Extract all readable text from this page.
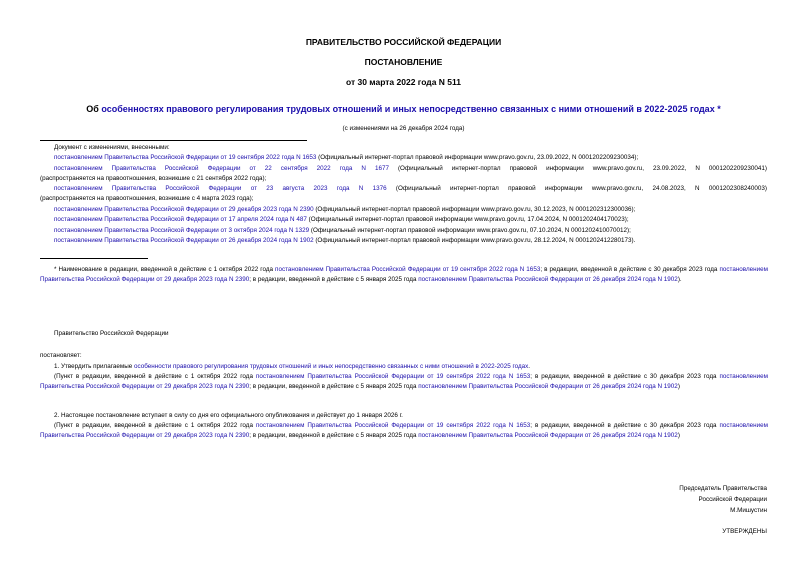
ПРАВИТЕЛЬСТВО РОССИЙСКОЙ ФЕДЕРАЦИИ
ПОСТАНОВЛЕНИЕ
от 30 марта 2022 года N 511
Об особенностях правового регулирования трудовых отношений и иных непосредственно связанных с ними отношений в 2022-2025 годах *
(с изменениями на 26 декабря 2024 года)
Документ с изменениями, внесенными:
постановлением Правительства Российской Федерации от 19 сентября 2022 года N 1653 (Официальный интернет-портал правовой информации www.pravo.gov.ru, 23.09.2022, N 0001202209230034);
постановлением Правительства Российской Федерации от 22 сентября 2022 года N 1677 (Официальный интернет-портал правовой информации www.pravo.gov.ru, 23.09.2022, N 0001202209230041)
(распространяется на правоотношения, возникшие с 21 сентября 2022 года);
постановлением Правительства Российской Федерации от 23 августа 2023 года N 1376 (Официальный интернет-портал правовой информации www.pravo.gov.ru, 24.08.2023, N 0001202308240003)
(распространяется на правоотношения, возникшие с 4 марта 2023 года);
постановлением Правительства Российской Федерации от 29 декабря 2023 года N 2390 (Официальный интернет-портал правовой информации www.pravo.gov.ru, 30.12.2023, N 0001202312300036);
постановлением Правительства Российской Федерации от 17 апреля 2024 года N 487 (Официальный интернет-портал правовой информации www.pravo.gov.ru, 17.04.2024, N 0001202404170023);
постановлением Правительства Российской Федерации от 3 октября 2024 года N 1329 (Официальный интернет-портал правовой информации www.pravo.gov.ru, 07.10.2024, N 0001202410070012);
постановлением Правительства Российской Федерации от 26 декабря 2024 года N 1902 (Официальный интернет-портал правовой информации www.pravo.gov.ru, 28.12.2024, N 0001202412280173).
* Наименование в редакции, введенной в действие с 1 октября 2022 года постановлением Правительства Российской Федерации от 19 сентября 2022 года N 1653; в редакции, введенной в действие с 30 декабря 2023 года постановлением Правительства Российской Федерации от 29 декабря 2023 года N 2390; в редакции, введенной в действие с 5 января 2025 года постановлением Правительства Российской Федерации от 26 декабря 2024 года N 1902).
Правительство Российской Федерации
постановляет:
1. Утвердить прилагаемые особенности правового регулирования трудовых отношений и иных непосредственно связанных с ними отношений в 2022-2025 годах.
(Пункт в редакции, введенной в действие с 1 октября 2022 года постановлением Правительства Российской Федерации от 19 сентября 2022 года N 1653; в редакции, введенной в действие с 30 декабря 2023 года постановлением Правительства Российской Федерации от 29 декабря 2023 года N 2390; в редакции, введенной в действие с 5 января 2025 года постановлением Правительства Российской Федерации от 26 декабря 2024 года N 1902)
2. Настоящее постановление вступает в силу со дня его официального опубликования и действует до 1 января 2026 г.
(Пункт в редакции, введенной в действие с 1 октября 2022 года постановлением Правительства Российской Федерации от 19 сентября 2022 года N 1653; в редакции, введенной в действие с 30 декабря 2023 года постановлением Правительства Российской Федерации от 29 декабря 2023 года N 2390; в редакции, введенной в действие с 5 января 2025 года постановлением Правительства Российской Федерации от 26 декабря 2024 года N 1902)
Председатель Правительства
Российской Федерации
М.Мишустин
УТВЕРЖДЕНЫ
